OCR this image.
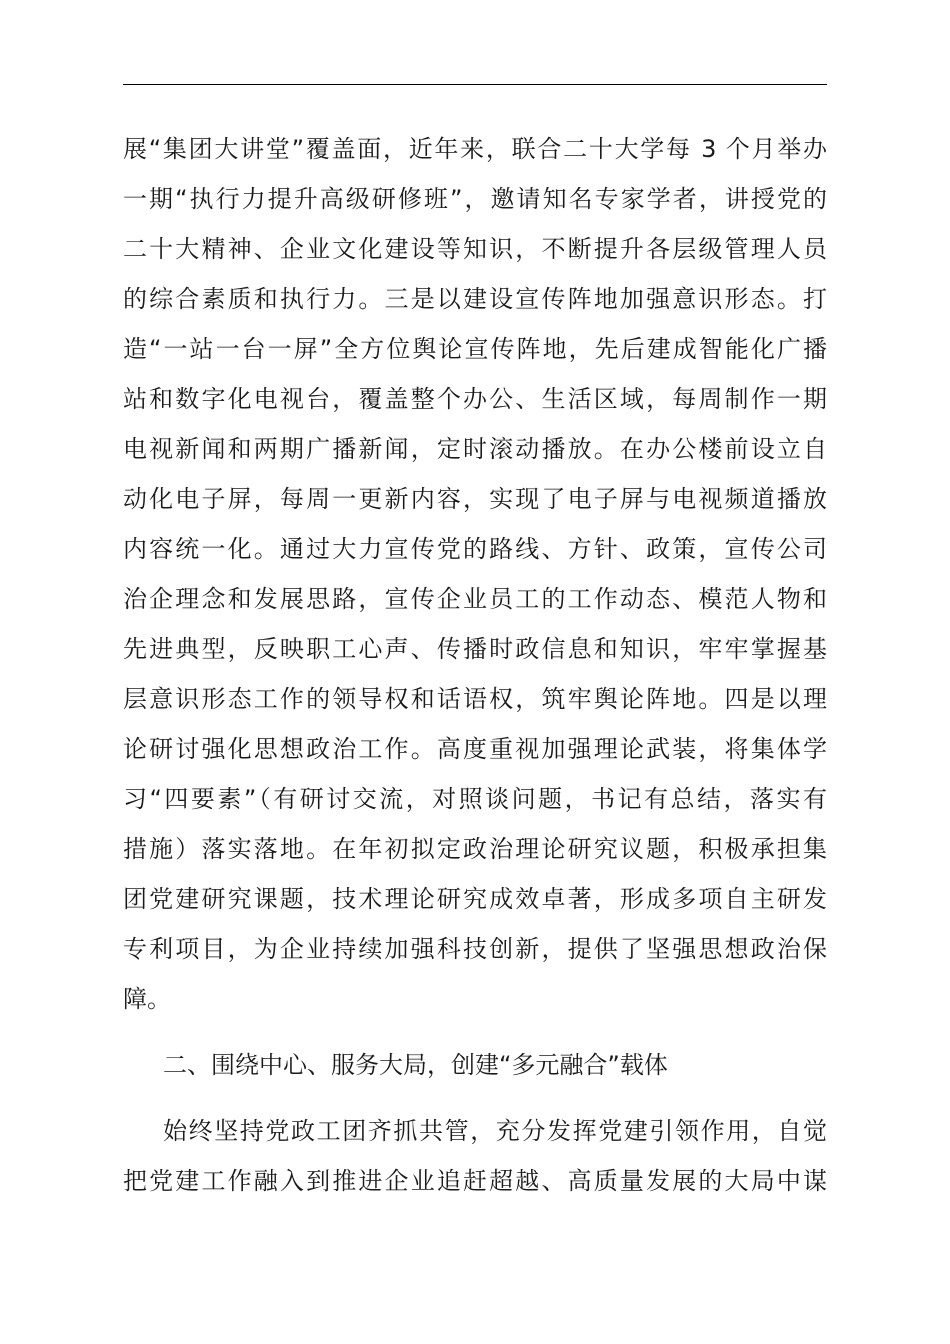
展“集团大讲堂”覆盖面，近年来，联合二十大学每 3 个月举办
一期“执行力提升高级研修班”，邀请知名专家学者，讲授党的
二十大精神、企业文化建设等知识，不断提升各层级管理人员
的综合素质和执行力。三是以建设宣传阵地加强意识形态。打
造“一站一台一屏”全方位舆论宣传阵地，先后建成智能化广播
站和数字化电视台，覆盖整个办公、生活区域，每周制作一期
电视新闻和两期广播新闻，定时滚动播放。在办公楼前设立自
动化电子屏，每周一更新内容，实现了电子屏与电视频道播放
内容统一化。通过大力宣传党的路线、方针、政策，宣传公司
治企理念和发展思路，宣传企业员工的工作动态、模范人物和
先进典型，反映职工心声、传播时政信息和知识，牢牢掌握基
层意识形态工作的领导权和话语权，筑牢舆论阵地。四是以理
论研讨强化思想政治工作。高度重视加强理论武装，将集体学
习“四要素”（有研讨交流，对照谈问题，书记有总结，落实有
措施）落实落地。在年初拟定政治理论研究议题，积极承担集
团党建研究课题，技术理论研究成效卓著，形成多项自主研发
专利项目，为企业持续加强科技创新，提供了坚强思想政治保
障。
二、围绕中心、服务大局，创建“多元融合”载体
始终坚持党政工团齐抓共管，充分发挥党建引领作用，自觉
把党建工作融入到推进企业追赶超越、高质量发展的大局中谋
